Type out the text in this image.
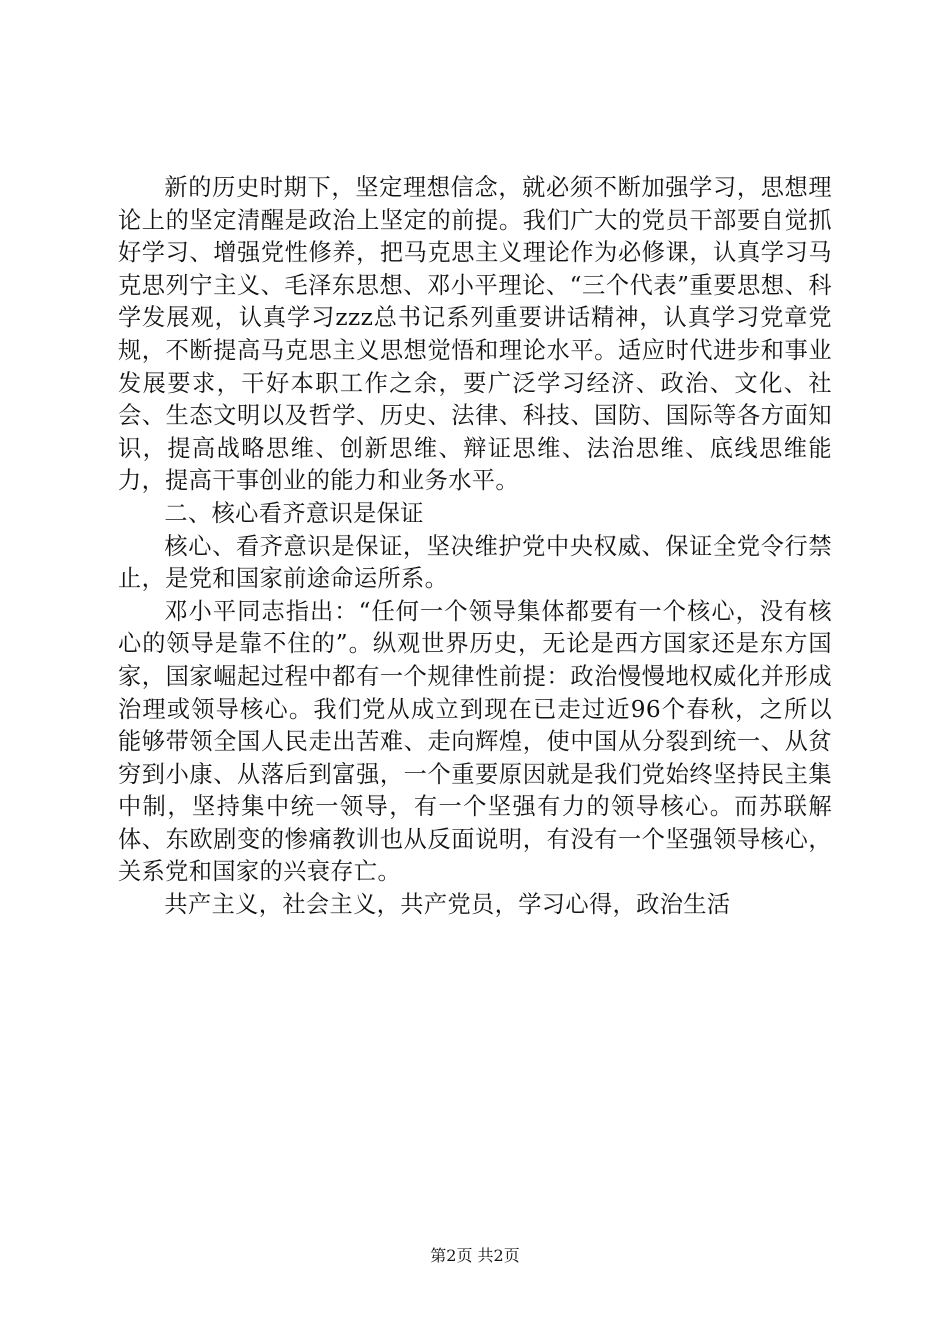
新的历史时期下，坚定理想信念，就必须不断加强学习，思想理论上的坚定清醒是政治上坚定的前提。我们广大的党员干部要自觉抓好学习、增强党性修养，把马克思主义理论作为必修课，认真学习马克思列宁主义、毛泽东思想、邓小平理论、“三个代表”重要思想、科学发展观，认真学习zzz总书记系列重要讲话精神，认真学习党章党规，不断提高马克思主义思想觉悟和理论水平。适应时代进步和事业发展要求，干好本职工作之余，要广泛学习经济、政治、文化、社会、生态文明以及哲学、历史、法律、科技、国防、国际等各方面知识，提高战略思维、创新思维、辩证思维、法治思维、底线思维能力，提高干事创业的能力和业务水平。

二、核心看齐意识是保证

核心、看齐意识是保证，坚决维护党中央权威、保证全党令行禁止，是党和国家前途命运所系。

邓小平同志指出：“任何一个领导集体都要有一个核心，没有核心的领导是靠不住的”。纵观世界历史，无论是西方国家还是东方国家，国家崛起过程中都有一个规律性前提：政治慢慢地权威化并形成治理或领导核心。我们党从成立到现在已走过近96个春秋，之所以能够带领全国人民走出苦难、走向辉煌，使中国从分裂到统一、从贫穷到小康、从落后到富强，一个重要原因就是我们党始终坚持民主集中制，坚持集中统一领导，有一个坚强有力的领导核心。而苏联解体、东欧剧变的惨痛教训也从反面说明，有没有一个坚强领导核心，关系党和国家的兴衰存亡。

共产主义，社会主义，共产党员，学习心得，政治生活

第2页 共2页
